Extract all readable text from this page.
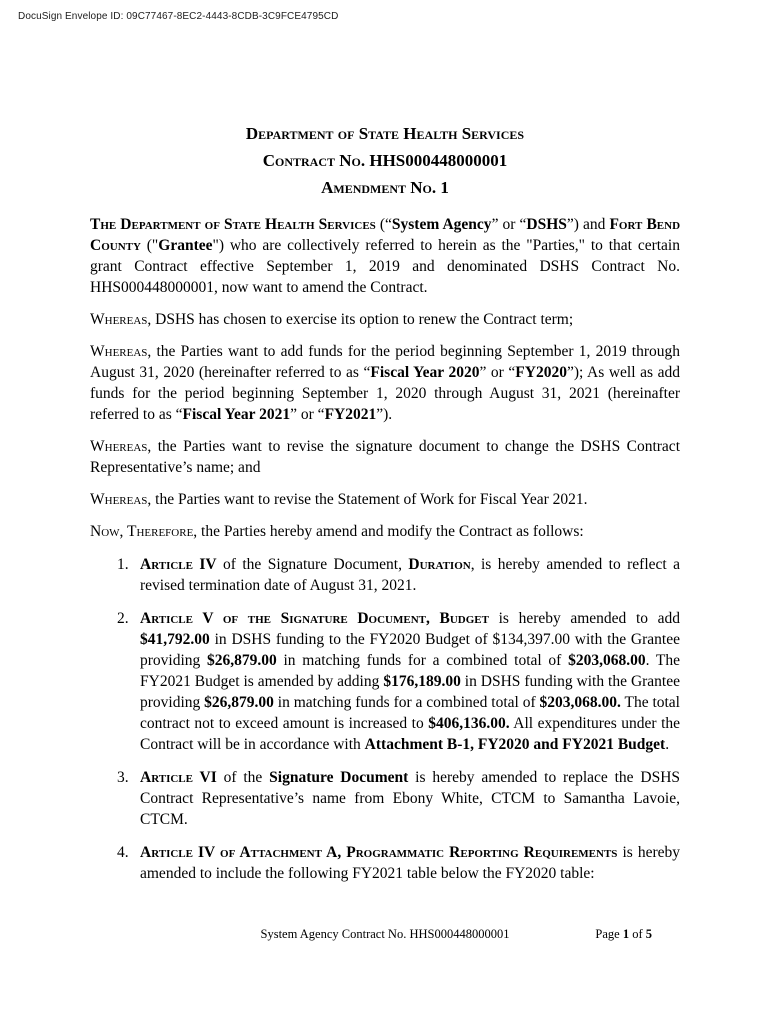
DocuSign Envelope ID: 09C77467-8EC2-4443-8CDB-3C9FCE4795CD
Department of State Health Services
Contract No. HHS000448000001
Amendment No. 1

The Department of State Health Services (“System Agency” or “DSHS”) and Fort Bend County ("Grantee") who are collectively referred to herein as the "Parties," to that certain grant Contract effective September 1, 2019 and denominated DSHS Contract No. HHS000448000001, now want to amend the Contract.

Whereas, DSHS has chosen to exercise its option to renew the Contract term;

Whereas, the Parties want to add funds for the period beginning September 1, 2019 through August 31, 2020 (hereinafter referred to as “Fiscal Year 2020” or “FY2020”); As well as add funds for the period beginning September 1, 2020 through August 31, 2021 (hereinafter referred to as “Fiscal Year 2021” or “FY2021”).

Whereas, the Parties want to revise the signature document to change the DSHS Contract Representative’s name; and

Whereas, the Parties want to revise the Statement of Work for Fiscal Year 2021.

Now, Therefore, the Parties hereby amend and modify the Contract as follows:

1. Article IV of the Signature Document, Duration, is hereby amended to reflect a revised termination date of August 31, 2021.
2. Article V of the Signature Document, Budget is hereby amended to add $41,792.00 in DSHS funding to the FY2020 Budget of $134,397.00 with the Grantee providing $26,879.00 in matching funds for a combined total of $203,068.00. The FY2021 Budget is amended by adding $176,189.00 in DSHS funding with the Grantee providing $26,879.00 in matching funds for a combined total of $203,068.00. The total contract not to exceed amount is increased to $406,136.00. All expenditures under the Contract will be in accordance with Attachment B-1, FY2020 and FY2021 Budget.
3. Article VI of the Signature Document is hereby amended to replace the DSHS Contract Representative’s name from Ebony White, CTCM to Samantha Lavoie, CTCM.
4. Article IV of Attachment A, Programmatic Reporting Requirements is hereby amended to include the following FY2021 table below the FY2020 table:
System Agency Contract No. HHS000448000001	Page 1 of 5
